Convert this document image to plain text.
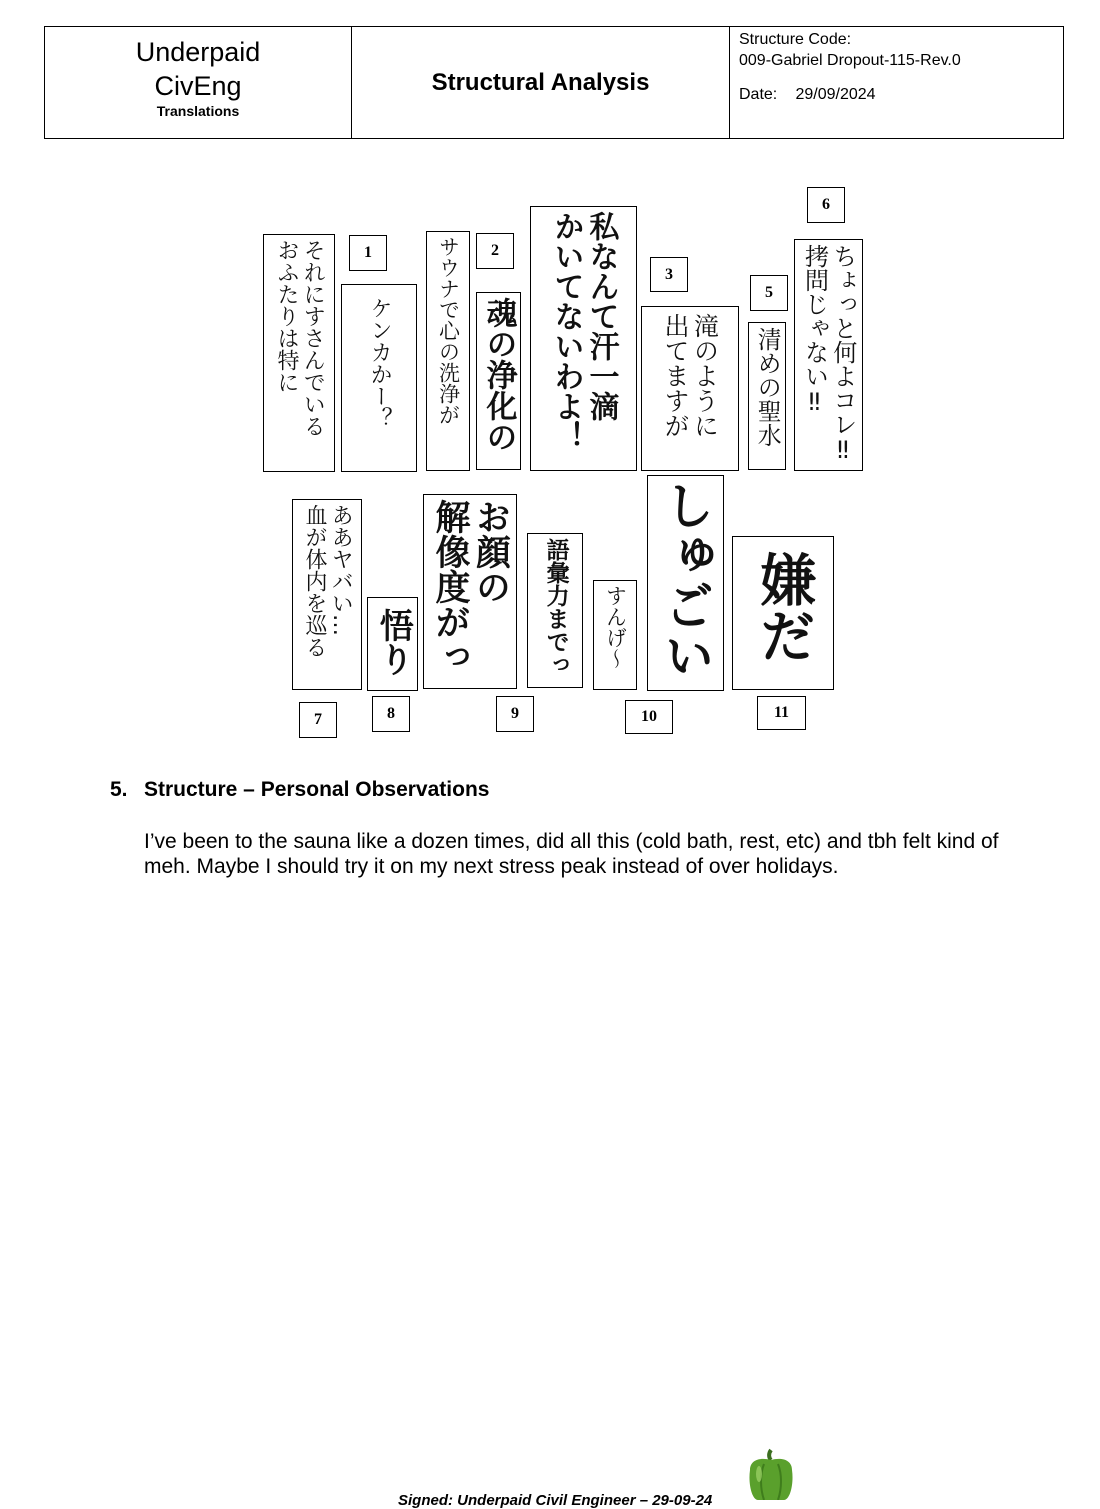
Underpaid
CivEng
Translations
Structural Analysis
Structure Code:
009-Gabriel Dropout-115-Rev.0
Date: 29/09/2024
それにすさんでいる
おふたりは特に	1
ケンカかー？ サウナで心の洗浄が	2
魂の浄化の 私なんて汗一滴
かいてないわよ！	3
滝のように
出てますが
5
清めの聖水
6
ちょっと何よコレ‼
拷問じゃない‼
ああヤバい…
血が体内を巡る
7
悟り
8
お顔の
解像度がっ
9
語彙力までっ すんげ〜
10
しゅごい 嫌だ
11
5. Structure – Personal Observations
I’ve been to the sauna like a dozen times, did all this (cold bath, rest, etc) and tbh felt kind of meh. Maybe I should try it on my next stress peak instead of over holidays.
Signed: Underpaid Civil Engineer – 29-09-24
